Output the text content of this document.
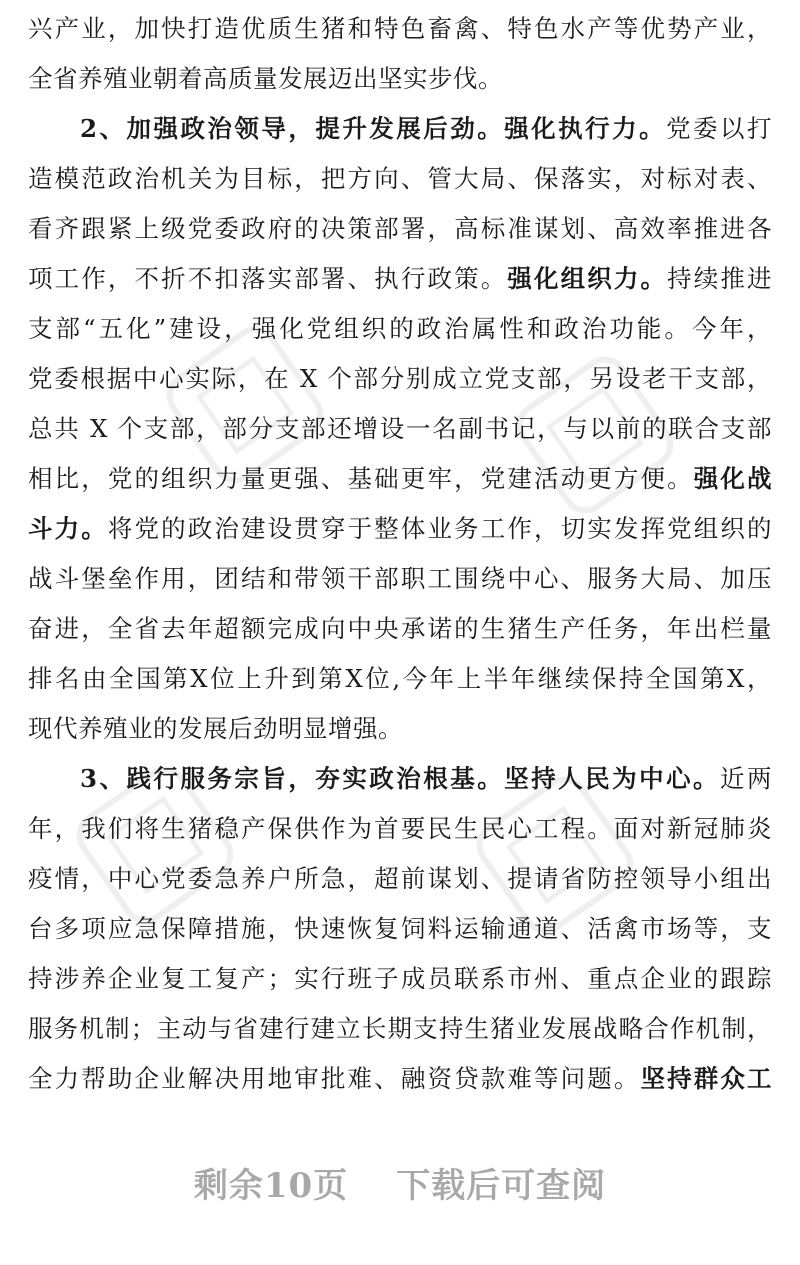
兴产业，加快打造优质生猪和特色畜禽、特色水产等优势产业，
全省养殖业朝着高质量发展迈出坚实步伐。
2、加强政治领导，提升发展后劲。强化执行力。党委以打
造模范政治机关为目标，把方向、管大局、保落实，对标对表、
看齐跟紧上级党委政府的决策部署，高标准谋划、高效率推进各
项工作，不折不扣落实部署、执行政策。强化组织力。持续推进
支部“五化”建设，强化党组织的政治属性和政治功能。今年，
党委根据中心实际，在 X 个部分别成立党支部，另设老干支部，
总共 X 个支部，部分支部还增设一名副书记，与以前的联合支部
相比，党的组织力量更强、基础更牢，党建活动更方便。强化战
斗力。将党的政治建设贯穿于整体业务工作，切实发挥党组织的
战斗堡垒作用，团结和带领干部职工围绕中心、服务大局、加压
奋进，全省去年超额完成向中央承诺的生猪生产任务，年出栏量
排名由全国第X位上升到第X位,今年上半年继续保持全国第X，
现代养殖业的发展后劲明显增强。
3、践行服务宗旨，夯实政治根基。坚持人民为中心。近两
年，我们将生猪稳产保供作为首要民生民心工程。面对新冠肺炎
疫情，中心党委急养户所急，超前谋划、提请省防控领导小组出
台多项应急保障措施，快速恢复饲料运输通道、活禽市场等，支
持涉养企业复工复产；实行班子成员联系市州、重点企业的跟踪
服务机制；主动与省建行建立长期支持生猪业发展战略合作机制，
全力帮助企业解决用地审批难、融资贷款难等问题。坚持群众工
剩余10页 下载后可查阅
